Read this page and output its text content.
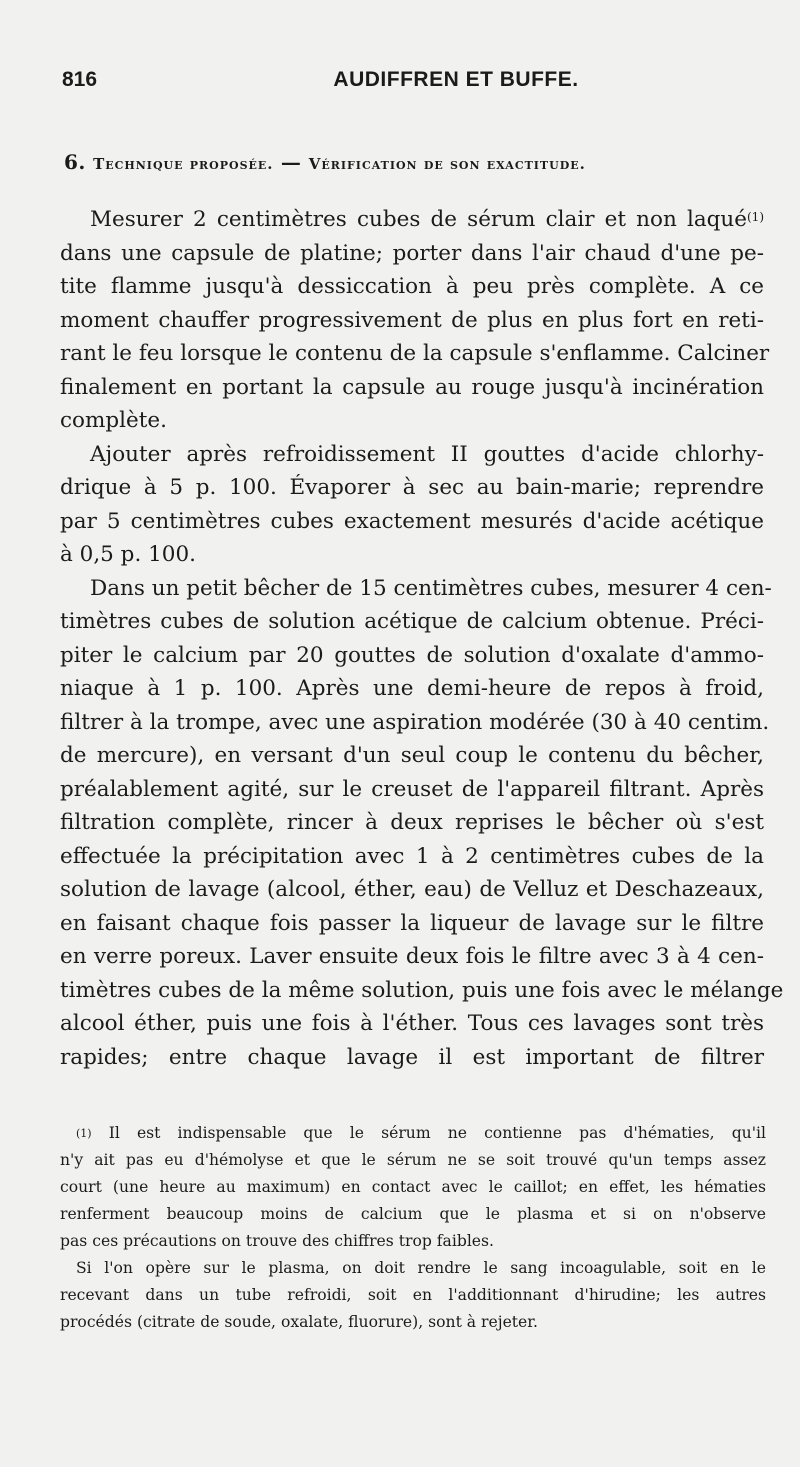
816	AUDIFFREN ET BUFFE.
6. Technique proposée. — Vérification de son exactitude.

Mesurer 2 centimètres cubes de sérum clair et non laqué$^{(1)}$
dans une capsule de platine; porter dans l'air chaud d'une pe-
tite flamme jusqu'à dessiccation à peu près complète. A ce
moment chauffer progressivement de plus en plus fort en reti-
rant le feu lorsque le contenu de la capsule s'enflamme. Calciner
finalement en portant la capsule au rouge jusqu'à incinération
complète.

Ajouter après refroidissement II gouttes d'acide chlorhy-
drique à 5 p. 100. Évaporer à sec au bain-marie; reprendre
par 5 centimètres cubes exactement mesurés d'acide acétique
à 0,5 p. 100.

Dans un petit bêcher de 15 centimètres cubes, mesurer 4 cen-
timètres cubes de solution acétique de calcium obtenue. Préci-
piter le calcium par 20 gouttes de solution d'oxalate d'ammo-
niaque à 1 p. 100. Après une demi-heure de repos à froid,
filtrer à la trompe, avec une aspiration modérée (30 à 40 centim.
de mercure), en versant d'un seul coup le contenu du bêcher,
préalablement agité, sur le creuset de l'appareil filtrant. Après
filtration complète, rincer à deux reprises le bêcher où s'est
effectuée la précipitation avec 1 à 2 centimètres cubes de la
solution de lavage (alcool, éther, eau) de Velluz et Deschazeaux,
en faisant chaque fois passer la liqueur de lavage sur le filtre
en verre poreux. Laver ensuite deux fois le filtre avec 3 à 4 cen-
timètres cubes de la même solution, puis une fois avec le mélange
alcool éther, puis une fois à l'éther. Tous ces lavages sont très
rapides; entre chaque lavage il est important de filtrer

$^{(1)}$ Il est indispensable que le sérum ne contienne pas d'hématies, qu'il
n'y ait pas eu d'hémolyse et que le sérum ne se soit trouvé qu'un temps assez
court (une heure au maximum) en contact avec le caillot; en effet, les hématies
renferment beaucoup moins de calcium que le plasma et si on n'observe
pas ces précautions on trouve des chiffres trop faibles.
Si l'on opère sur le plasma, on doit rendre le sang incoagulable, soit en le
recevant dans un tube refroidi, soit en l'additionnant d'hirudine; les autres
procédés (citrate de soude, oxalate, fluorure), sont à rejeter.
